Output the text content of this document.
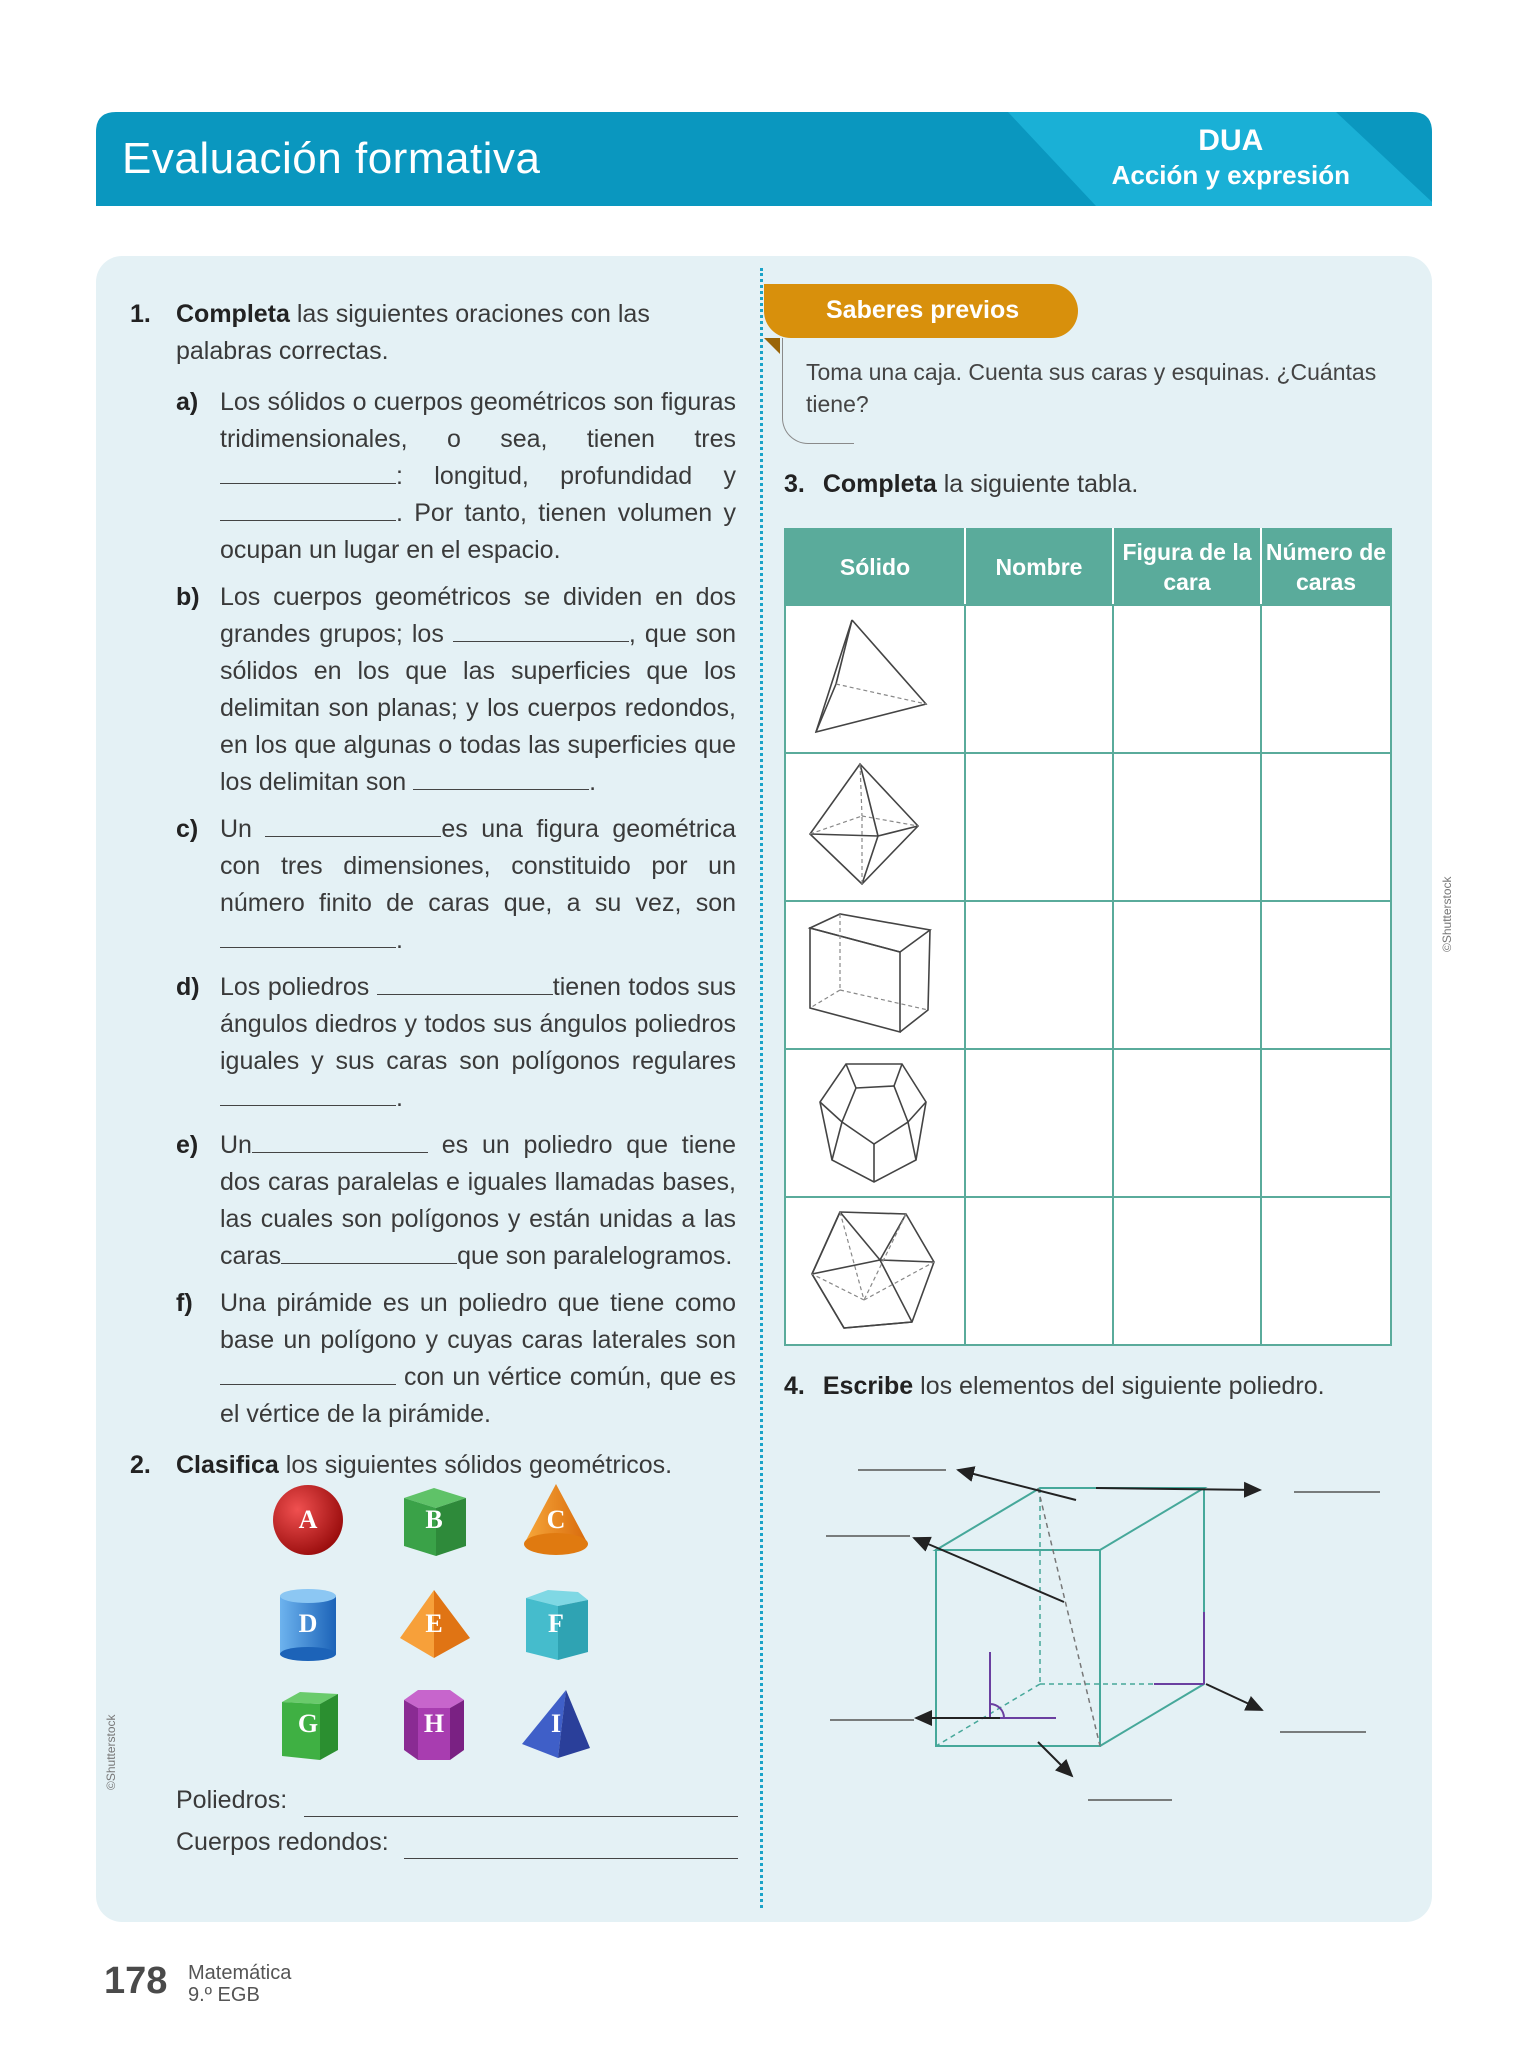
Evaluación formativa	DUA
Acción y expresión
1. Completa las siguientes oraciones con las palabras correctas.
a) Los sólidos o cuerpos geométricos son figuras tridimensionales, o sea, tienen tres : longitud, profundidad y . Por tanto, tienen volumen y ocupan un lugar en el espacio.
b) Los cuerpos geométricos se dividen en dos grandes grupos; los	, que son sólidos en los que las superficies que los delimitan son planas; y los cuerpos redondos, en los que algunas o todas las superficies que los delimitan son	.
c) Un	es una figura geométrica con tres dimensiones, constituido por un número finito de caras que, a su vez, son .
d) Los poliedros	tienen todos sus ángulos diedros y todos sus ángulos poliedros iguales y sus caras son polígonos regulares .
e) Un	es un poliedro que tiene dos caras paralelas e iguales llamadas bases, las cuales son polígonos y están unidas a las caras	que son paralelogramos.
f) Una pirámide es un poliedro que tiene como base un polígono y cuyas caras laterales son  con un vértice común, que es el vértice de la pirámide.
2. Clasifica los siguientes sólidos geométricos.
A	B	C
D	E	F
G	H	I
Poliedros:
Cuerpos redondos:
©Shutterstock
Saberes previos
Toma una caja. Cuenta sus caras y esquinas. ¿Cuántas tiene?
3. Completa la siguiente tabla.
Sólido	Nombre	Figura de la cara	Número de caras

©Shutterstock
4. Escribe los elementos del siguiente poliedro.
178 Matemática
9.º EGB
